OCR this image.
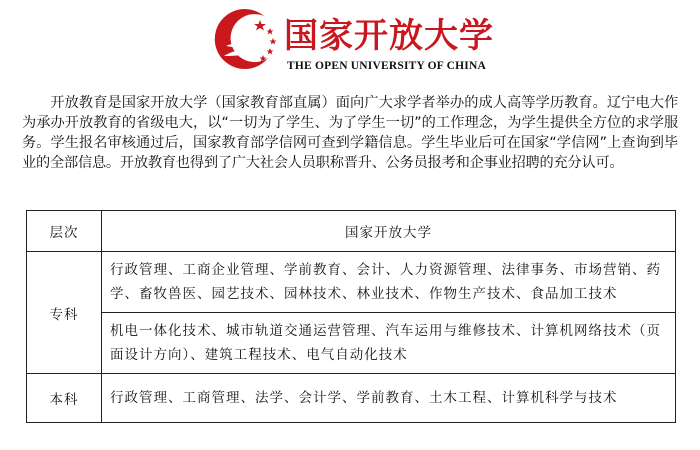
国家开放大学
THE OPEN UNIVERSITY OF CHINA

开放教育是国家开放大学（国家教育部直属）面向广大求学者举办的成人高等学历教育。辽宁电大作为承办开放教育的省级电大，以“一切为了学生、为了学生一切”的工作理念，为学生提供全方位的求学服务。学生报名审核通过后，国家教育部学信网可查到学籍信息。学生毕业后可在国家“学信网”上查询到毕业的全部信息。开放教育也得到了广大社会人员职称晋升、公务员报考和企事业招聘的充分认可。

层次	国家开放大学
专科	行政管理、工商企业管理、学前教育、会计、人力资源管理、法律事务、市场营销、药学、畜牧兽医、园艺技术、园林技术、林业技术、作物生产技术、食品加工技术
	机电一体化技术、城市轨道交通运营管理、汽车运用与维修技术、计算机网络技术（页面设计方向）、建筑工程技术、电气自动化技术
本科	行政管理、工商管理、法学、会计学、学前教育、土木工程、计算机科学与技术
